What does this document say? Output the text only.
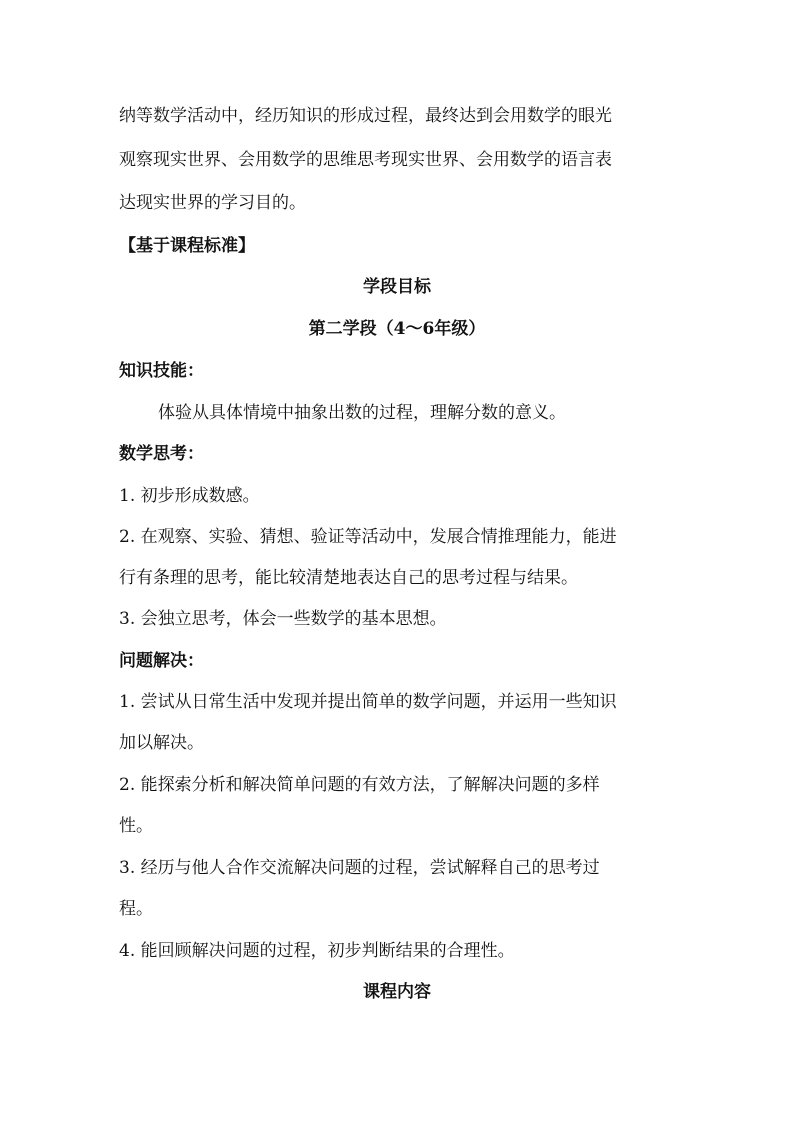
纳等数学活动中，经历知识的形成过程，最终达到会用数学的眼光
观察现实世界、会用数学的思维思考现实世界、会用数学的语言表
达现实世界的学习目的。
【基于课程标准】
学段目标
第二学段（4～6年级）
知识技能：
体验从具体情境中抽象出数的过程，理解分数的意义。
数学思考：
1. 初步形成数感。
2. 在观察、实验、猜想、验证等活动中，发展合情推理能力，能进
行有条理的思考，能比较清楚地表达自己的思考过程与结果。
3. 会独立思考，体会一些数学的基本思想。
问题解决：
1. 尝试从日常生活中发现并提出简单的数学问题，并运用一些知识
加以解决。
2. 能探索分析和解决简单问题的有效方法，了解解决问题的多样
性。
3. 经历与他人合作交流解决问题的过程，尝试解释自己的思考过
程。
4. 能回顾解决问题的过程，初步判断结果的合理性。
课程内容
